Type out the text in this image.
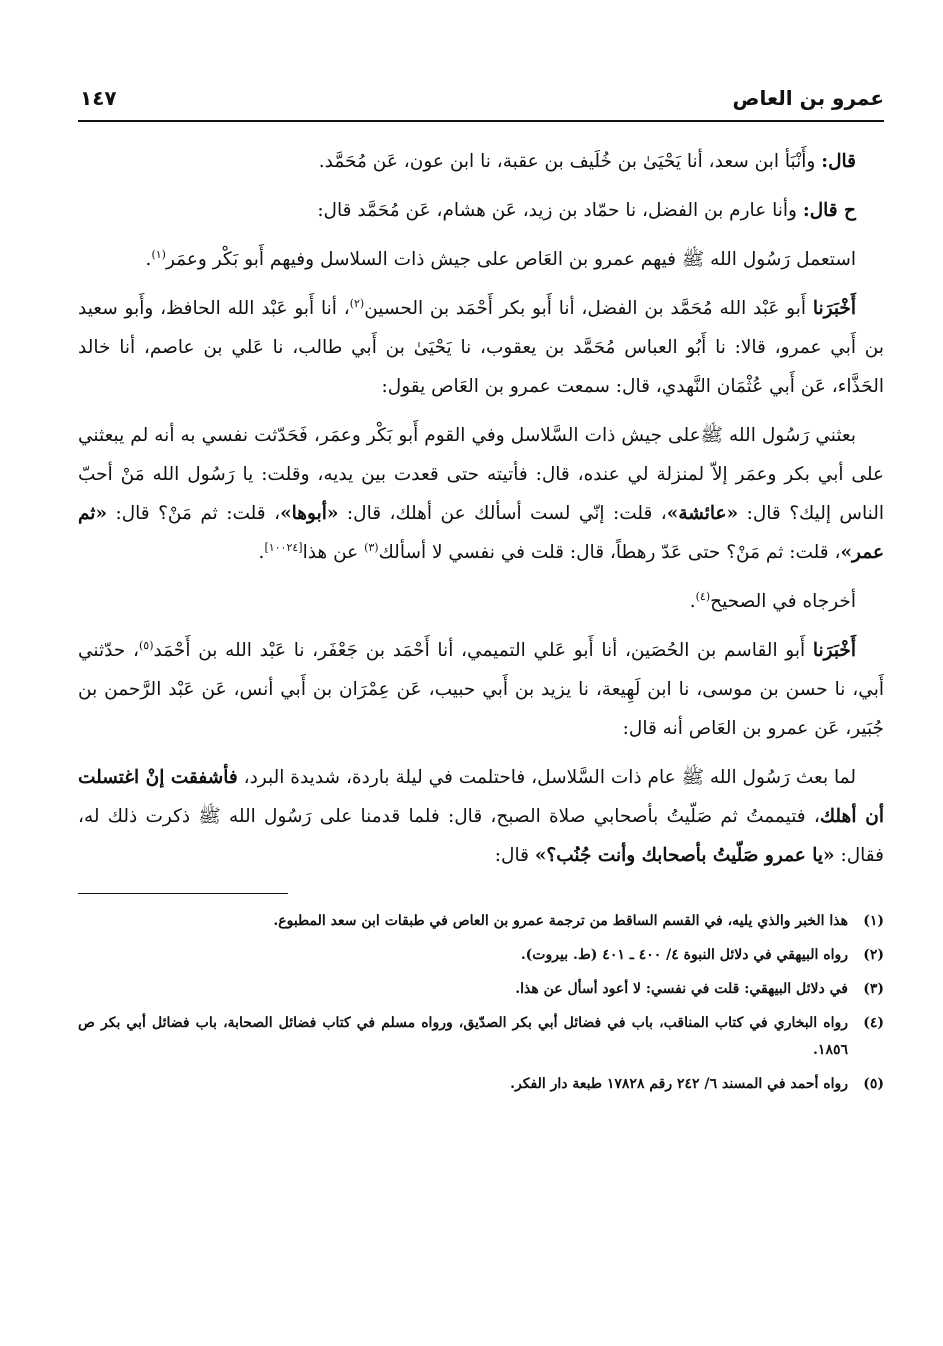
عمرو بن العاص
١٤٧

قال: وأَنْبَأ ابن سعد، أنا يَحْيَىٰ بن خُلَيف بن عقبة، نا ابن عون، عَن مُحَمَّد.

ح قال: وأنا عارم بن الفضل، نا حمّاد بن زيد، عَن هشام، عَن مُحَمَّد قال:

استعمل رَسُول الله ﷺ فيهم عمرو بن العَاص على جيش ذات السلاسل وفيهم أَبو بَكْر وعمَر$^{(١)}$.

أَخْبَرَنا أَبو عَبْد الله مُحَمَّد بن الفضل، أنا أَبو بكر أَحْمَد بن الحسين$^{(٢)}$، أنا أَبو عَبْد الله الحافظ، وأَبو سعيد بن أَبي عمرو، قالا: نا أَبُو العباس مُحَمَّد بن يعقوب، نا يَحْيَىٰ بن أَبي طالب، نا عَلي بن عاصم، أنا خالد الحَذَّاء، عَن أَبي عُثْمَان النَّهدي، قال: سمعت عمرو بن العَاص يقول:

بعثني رَسُول الله ﷺعلى جيش ذات السَّلاسل وفي القوم أَبو بَكْر وعمَر، فَحَدّثت نفسي به أنه لم يبعثني على أبي بكر وعمَر إلاّ لمنزلة لي عنده، قال: فأتيته حتى قعدت بين يديه، وقلت: يا رَسُول الله مَنْ أحبّ الناس إليك؟ قال: «عائشة»، قلت: إنّي لست أسألك عن أهلك، قال: «أبوها»، قلت: ثم مَنْ؟ قال: «ثم عمر»، قلت: ثم مَنْ؟ حتى عَدّ رهطاً، قال: قلت في نفسي لا أسألك$^{(٣)}$ عن هذا[١٠٠٢٤].

أخرجاه في الصحيح$^{(٤)}$.

أَخْبَرَنا أَبو القاسم بن الحُصَين، أنا أَبو عَلي التميمي، أنا أَحْمَد بن جَعْفَر، نا عَبْد الله بن أَحْمَد$^{(٥)}$، حدّثني أَبي، نا حسن بن موسى، نا ابن لَهِيعة، نا يزيد بن أَبي حبيب، عَن عِمْرَان بن أَبي أنس، عَن عَبْد الرَّحمن بن جُبَير، عَن عمرو بن العَاص أنه قال:

لما بعث رَسُول الله ﷺ عام ذات السَّلاسل، فاحتلمت في ليلة باردة، شديدة البرد، فأشفقت إنْ اغتسلت أن أهلك، فتيممتُ ثم صَلّيتُ بأصحابي صلاة الصبح، قال: فلما قدمنا على رَسُول الله ﷺ ذكرت ذلك له، فقال: «يا عمرو صَلّيتُ بأصحابك وأنت جُنُب؟» قال:

(١)
هذا الخبر والذي يليه، في القسم الساقط من ترجمة عمرو بن العاص في طبقات ابن سعد المطبوع.
(٢)
رواه البيهقي في دلائل النبوة ٤/ ٤٠٠ ـ ٤٠١ (ط. بيروت).
(٣)
في دلائل البيهقي: قلت في نفسي: لا أعود أسأل عن هذا.
(٤)
رواه البخاري في كتاب المناقب، باب في فضائل أبي بكر الصدّيق، ورواه مسلم في كتاب فضائل الصحابة، باب فضائل أبي بكر ص ١٨٥٦.
(٥)
رواه أحمد في المسند ٦/ ٢٤٢ رقم ١٧٨٢٨ طبعة دار الفكر.
